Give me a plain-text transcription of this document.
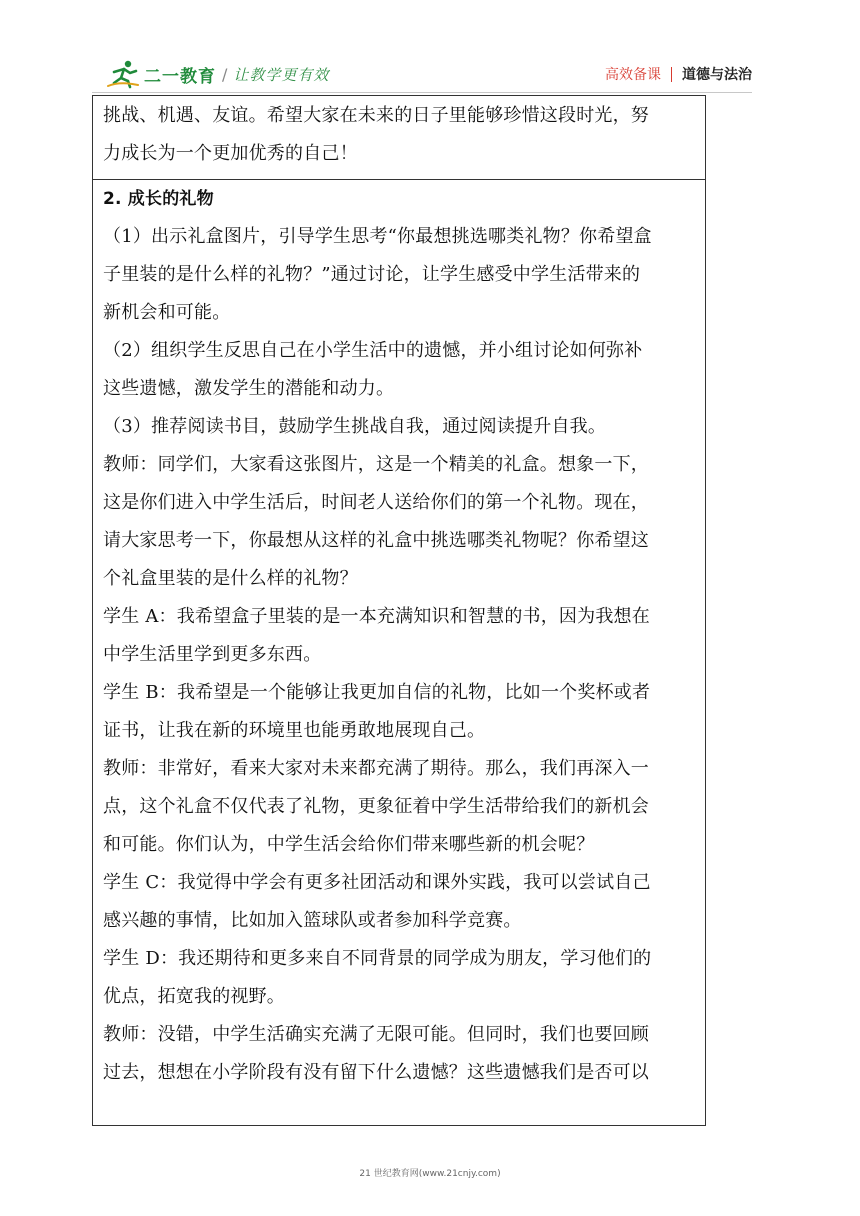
二一教育 / 让教学更有效	高效备课 道德与法治
挑战、机遇、友谊。希望大家在未来的日子里能够珍惜这段时光，努
力成长为一个更加优秀的自己！
2. 成长的礼物
（1）出示礼盒图片，引导学生思考“你最想挑选哪类礼物？你希望盒
子里装的是什么样的礼物？”通过讨论，让学生感受中学生活带来的
新机会和可能。
（2）组织学生反思自己在小学生活中的遗憾，并小组讨论如何弥补
这些遗憾，激发学生的潜能和动力。
（3）推荐阅读书目，鼓励学生挑战自我，通过阅读提升自我。
教师：同学们，大家看这张图片，这是一个精美的礼盒。想象一下，
这是你们进入中学生活后，时间老人送给你们的第一个礼物。现在，
请大家思考一下，你最想从这样的礼盒中挑选哪类礼物呢？你希望这
个礼盒里装的是什么样的礼物？
学生 A：我希望盒子里装的是一本充满知识和智慧的书，因为我想在
中学生活里学到更多东西。
学生 B：我希望是一个能够让我更加自信的礼物，比如一个奖杯或者
证书，让我在新的环境里也能勇敢地展现自己。
教师：非常好，看来大家对未来都充满了期待。那么，我们再深入一
点，这个礼盒不仅代表了礼物，更象征着中学生活带给我们的新机会
和可能。你们认为，中学生活会给你们带来哪些新的机会呢？
学生 C：我觉得中学会有更多社团活动和课外实践，我可以尝试自己
感兴趣的事情，比如加入篮球队或者参加科学竞赛。
学生 D：我还期待和更多来自不同背景的同学成为朋友，学习他们的
优点，拓宽我的视野。
教师：没错，中学生活确实充满了无限可能。但同时，我们也要回顾
过去，想想在小学阶段有没有留下什么遗憾？这些遗憾我们是否可以
21 世纪教育网(www.21cnjy.com)
